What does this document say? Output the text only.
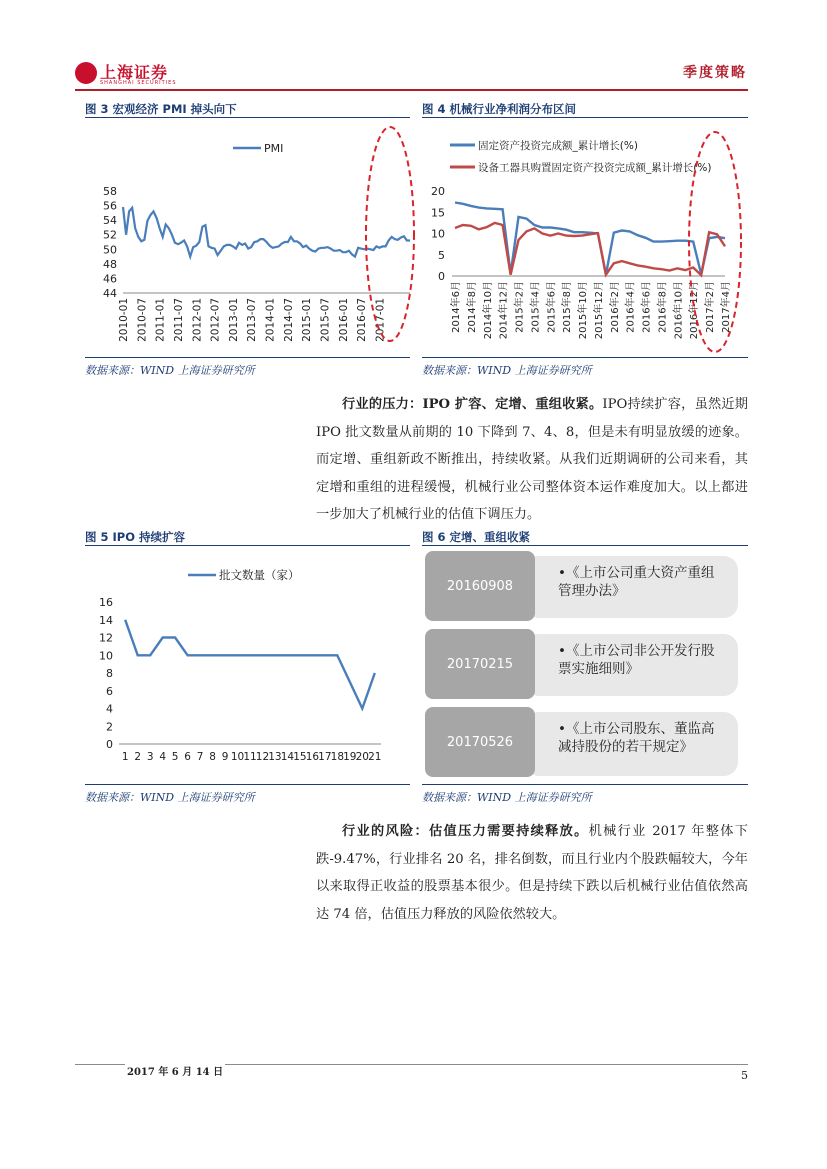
上海证券
SHANGHAI SECURITIES
季度策略
图 3 宏观经济 PMI 掉头向下
44
46
48
50
52
54
56
58
2010-01 2010-07 2011-01 2011-07 2012-01 2012-07 2013-01 2013-07 2014-01 2014-07 2015-01 2015-07 2016-01 2016-07 2017-01
PMI
数据来源：WIND 上海证券研究所
图 4 机械行业净利润分布区间
0
5
10
15
20
固定资产投资完成额_累计增长(%)
设备工器具购置固定资产投资完成额_累计增长(%)
2014年6月 2014年8月 2014年10月 2014年12月 2015年2月 2015年4月 2015年6月 2015年8月 2015年10月 2015年12月 2016年2月 2016年4月 2016年6月 2016年8月 2016年10月 2016年12月 2017年2月 2017年4月
数据来源：WIND 上海证券研究所
行业的压力：IPO 扩容、定增、重组收紧。IPO持续扩容，虽然近期 IPO 批文数量从前期的 10 下降到 7、4、8，但是未有明显放缓的迹象。而定增、重组新政不断推出，持续收紧。从我们近期调研的公司来看，其定增和重组的进程缓慢，机械行业公司整体资本运作难度加大。以上都进一步加大了机械行业的估值下调压力。
图 5 IPO 持续扩容
0
2
4
6
8
10
12
14
16
1 2 3 4 5 6 7 8 9 10 11 12 13 14 15 16 17 18 19 20 21
批文数量（家）
数据来源：WIND 上海证券研究所
图 6 定增、重组收紧
•《上市公司重大资产重组管理办法》
20160908
•《上市公司非公开发行股票实施细则》
20170215
•《上市公司股东、董监高减持股份的若干规定》
20170526
数据来源：WIND 上海证券研究所
行业的风险：估值压力需要持续释放。机械行业 2017 年整体下跌-9.47%，行业排名 20 名，排名倒数，而且行业内个股跌幅较大，今年以来取得正收益的股票基本很少。但是持续下跌以后机械行业估值依然高达 74 倍，估值压力释放的风险依然较大。
2017 年 6 月 14 日	5
